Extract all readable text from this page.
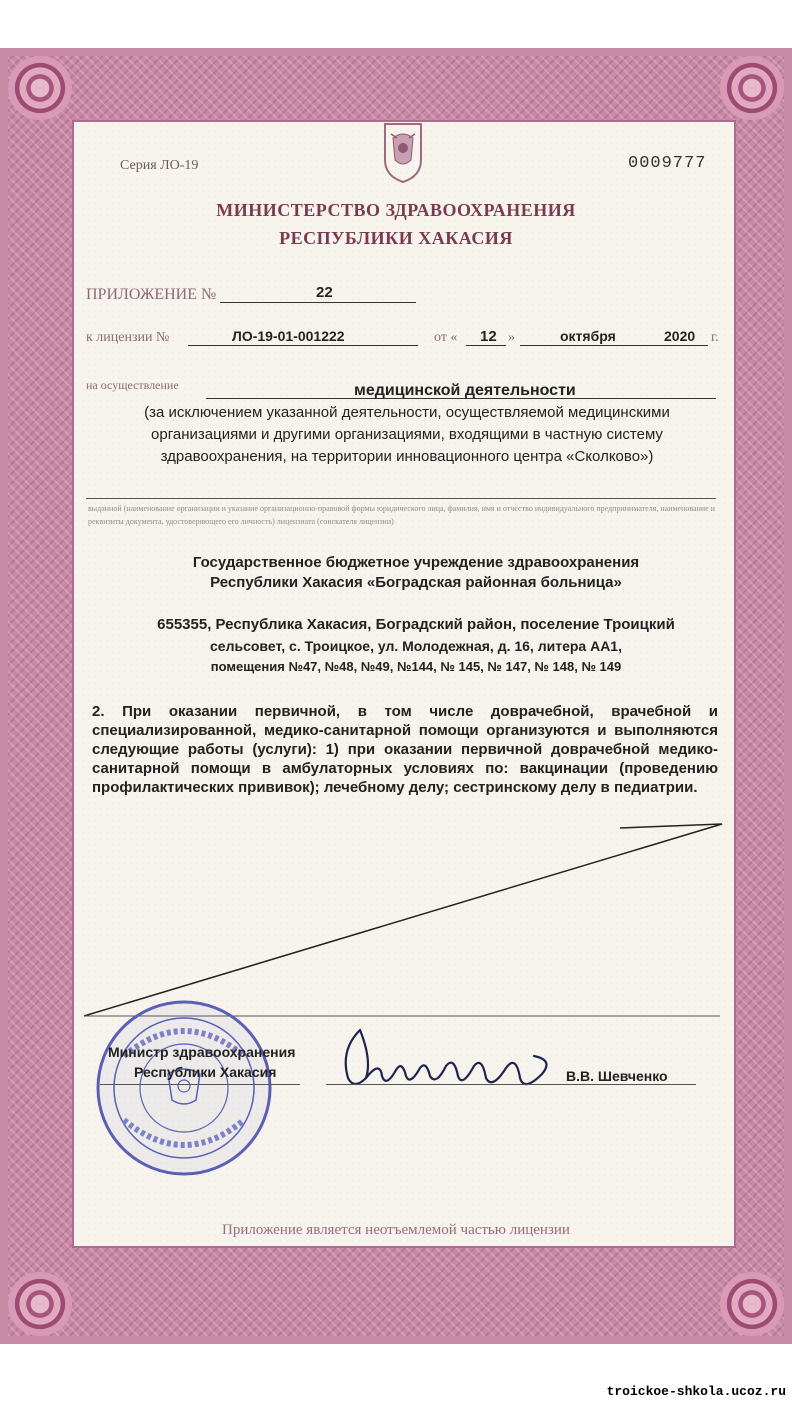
Серия ЛО-19	0009777
МИНИСТЕРСТВО ЗДРАВООХРАНЕНИЯ
РЕСПУБЛИКИ ХАКАСИЯ
ПРИЛОЖЕНИЕ №	22
к лицензии №	ЛО-19-01-001222	от « 12 »	октября	2020 г.
на осуществление	медицинской деятельности
(за исключением указанной деятельности, осуществляемой медицинскими
организациями и другими организациями, входящими в частную систему
здравоохранения, на территории инновационного центра «Сколково»)
выданной (наименование организации и указание организационно-правовой формы юридического лица, фамилия, имя и отчество индивидуального предпринимателя, наименование и реквизиты документа, удостоверяющего его личность) лицензиата (соискателя лицензии)
Государственное бюджетное учреждение здравоохранения
Республики Хакасия «Боградская районная больница»
655355, Республика Хакасия, Боградский район, поселение Троицкий
сельсовет, с. Троицкое, ул. Молодежная, д. 16, литера АА1,
помещения №47, №48, №49, №144, № 145, № 147, № 148, № 149
2. При оказании первичной, в том числе доврачебной, врачебной и специализированной, медико-санитарной помощи организуются и выполняются следующие работы (услуги): 1) при оказании первичной доврачебной медико-санитарной помощи в амбулаторных условиях по: вакцинации (проведению профилактических прививок); лечебному делу; сестринскому делу в педиатрии.
Министр здравоохранения
Республики Хакасия	В.В. Шевченко
Приложение является неотъемлемой частью лицензии
troickoe-shkola.ucoz.ru
